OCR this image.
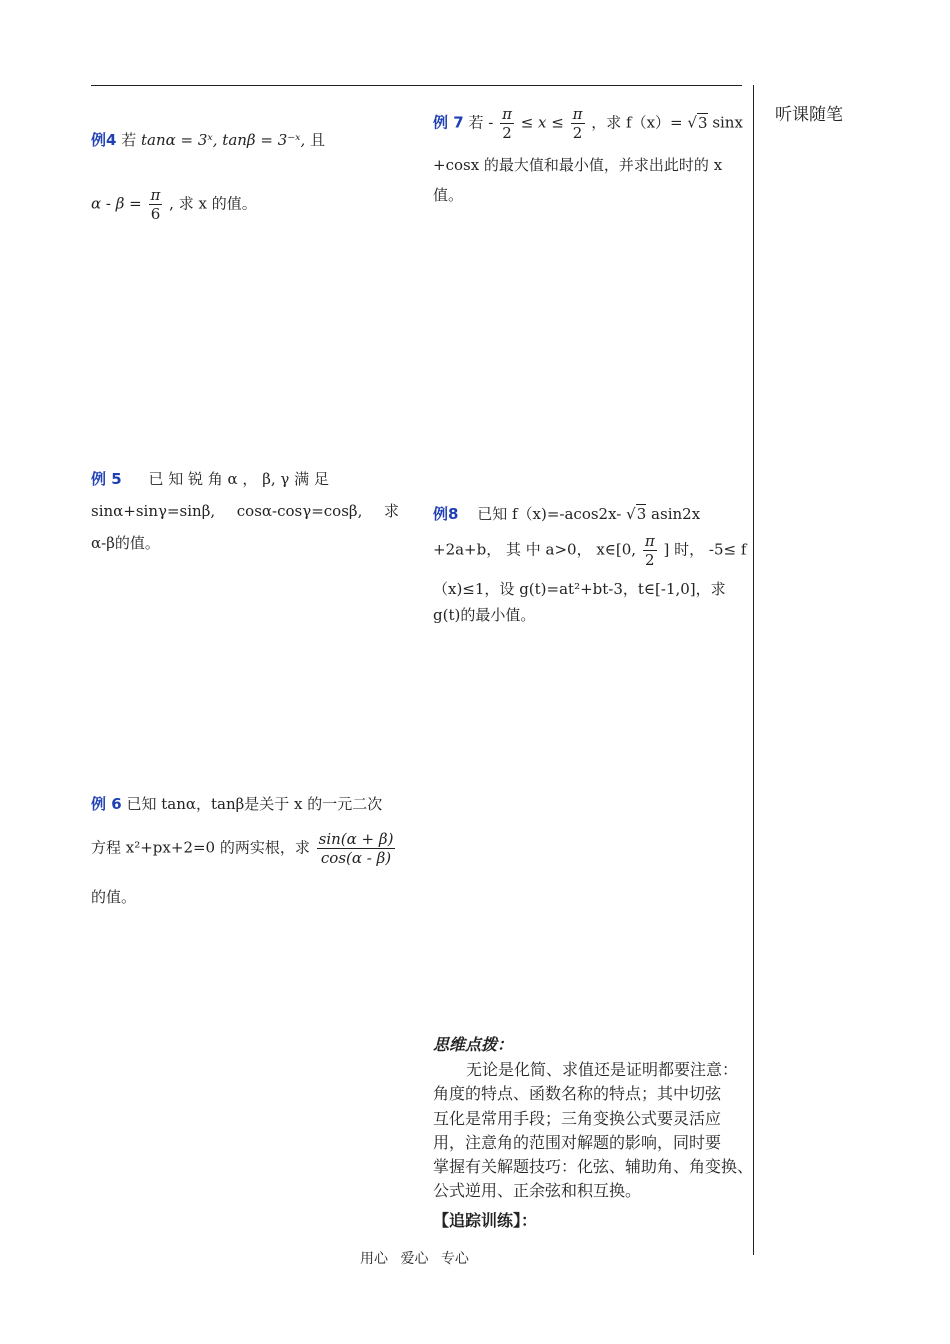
听课随笔
例4 若 tanα = 3ˣ, tanβ = 3⁻ˣ, 且
$\alpha - \beta = \frac{\pi}{6}$ , 求 x 的值。
例 5 已 知 锐 角 α ， β, γ 满 足
sinα+sinγ=sinβ, cosα-cosγ=cosβ, 求
α-β的值。
例 6 已知 tanα，tanβ是关于 x 的一元二次
方程 x²+px+2=0 的两实根，求 $\frac{\sin(\alpha + \beta)}{\cos(\alpha - \beta)}$
的值。
例 7 若 - $\frac{\pi}{2} \le x \le \frac{\pi}{2}$ ，求 f（x）= √3 sinx
+cosx 的最大值和最小值，并求出此时的 x
值。
例8 已知 f（x)=-acos2x- √3 asin2x
+2a+b， 其 中 a>0， x∈[0, $\frac{\pi}{2}$ ] 时， -5≤ f
（x)≤1，设 g(t)=at²+bt-3，t∈[-1,0]，求
g(t)的最小值。
思维点拨：
无论是化简、求值还是证明都要注意：
角度的特点、函数名称的特点；其中切弦
互化是常用手段；三角变换公式要灵活应
用，注意角的范围对解题的影响，同时要
掌握有关解题技巧：化弦、辅助角、角变换、
公式逆用、正余弦和积互换。
【追踪训练】：
用心 爱心 专心
